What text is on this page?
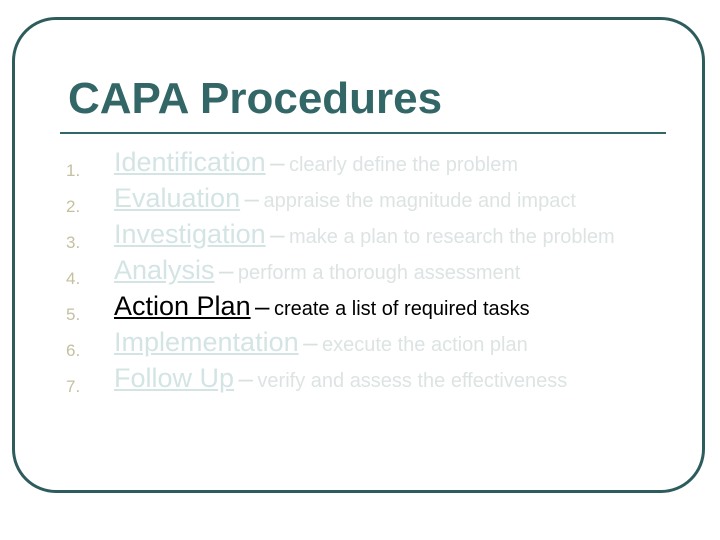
CAPA Procedures
1. Identification – clearly define the problem
2. Evaluation – appraise the magnitude and impact
3. Investigation – make a plan to research the problem
4. Analysis – perform a thorough assessment
5. Action Plan – create a list of required tasks
6. Implementation – execute the action plan
7. Follow Up – verify and assess the effectiveness
